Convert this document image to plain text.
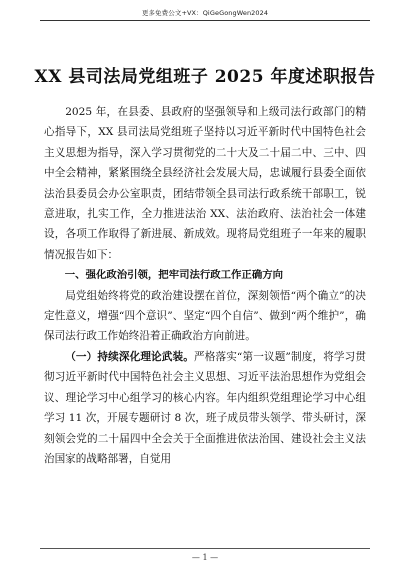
更多免费公文+VX：QiGeGongWen2024
XX 县司法局党组班子 2025 年度述职报告

2025 年，在县委、县政府的坚强领导和上级司法行政部门的精心指导下，XX 县司法局党组班子坚持以习近平新时代中国特色社会主义思想为指导，深入学习贯彻党的二十大及二十届二中、三中、四中全会精神，紧紧围绕全县经济社会发展大局，忠诚履行县委全面依法治县委员会办公室职责，团结带领全县司法行政系统干部职工，锐意进取，扎实工作，全力推进法治 XX、法治政府、法治社会一体建设，各项工作取得了新进展、新成效。现将局党组班子一年来的履职情况报告如下：

一、强化政治引领，把牢司法行政工作正确方向

局党组始终将党的政治建设摆在首位，深刻领悟“两个确立”的决定性意义，增强“四个意识”、坚定“四个自信”、做到“两个维护”，确保司法行政工作始终沿着正确政治方向前进。

（一）持续深化理论武装。严格落实“第一议题”制度，将学习贯彻习近平新时代中国特色社会主义思想、习近平法治思想作为党组会议、理论学习中心组学习的核心内容。年内组织党组理论学习中心组学习 11 次，开展专题研讨 8 次，班子成员带头领学、带头研讨，深刻领会党的二十届四中全会关于全面推进依法治国、建设社会主义法治国家的战略部署，自觉用

— 1 —
